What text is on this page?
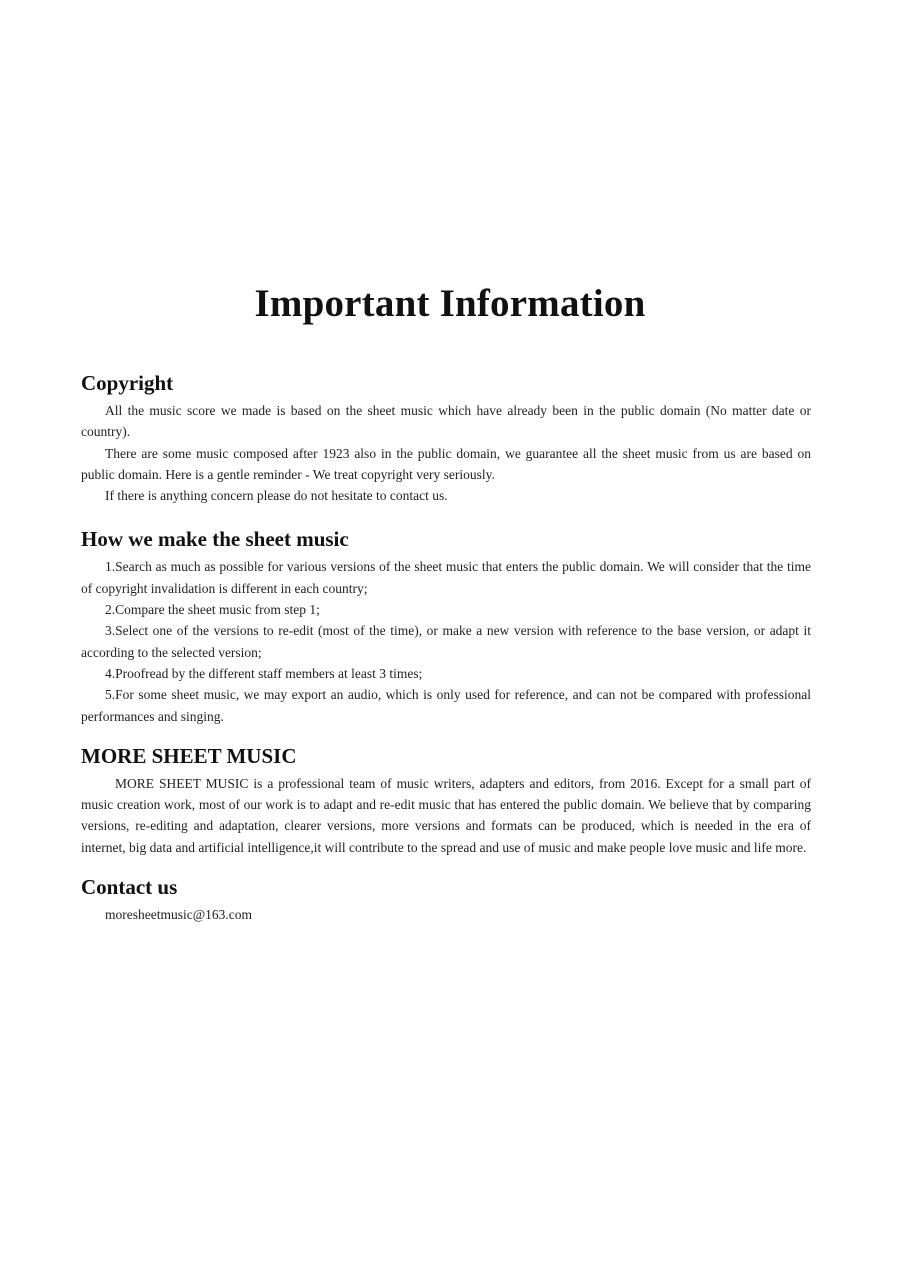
Important Information
Copyright

All the music score we made is based on the sheet music which have already been in the public domain (No matter date or country).

There are some music composed after 1923 also in the public domain, we guarantee all the sheet music from us are based on public domain. Here is a gentle reminder - We treat copyright very seriously.

If there is anything concern please do not hesitate to contact us.

How we make the sheet music

1.Search as much as possible for various versions of the sheet music that enters the public domain. We will consider that the time of copyright invalidation is different in each country;

2.Compare the sheet music from step 1;

3.Select one of the versions to re-edit (most of the time), or make a new version with reference to the base version, or adapt it according to the selected version;

4.Proofread by the different staff members at least 3 times;

5.For some sheet music, we may export an audio, which is only used for reference, and can not be compared with professional performances and singing.

MORE SHEET MUSIC

MORE SHEET MUSIC is a professional team of music writers, adapters and editors, from 2016. Except for a small part of music creation work, most of our work is to adapt and re-edit music that has entered the public domain. We believe that by comparing versions, re-editing and adaptation, clearer versions, more versions and formats can be produced, which is needed in the era of internet, big data and artificial intelligence,it will contribute to the spread and use of music and make people love music and life more.

Contact us

moresheetmusic@163.com
